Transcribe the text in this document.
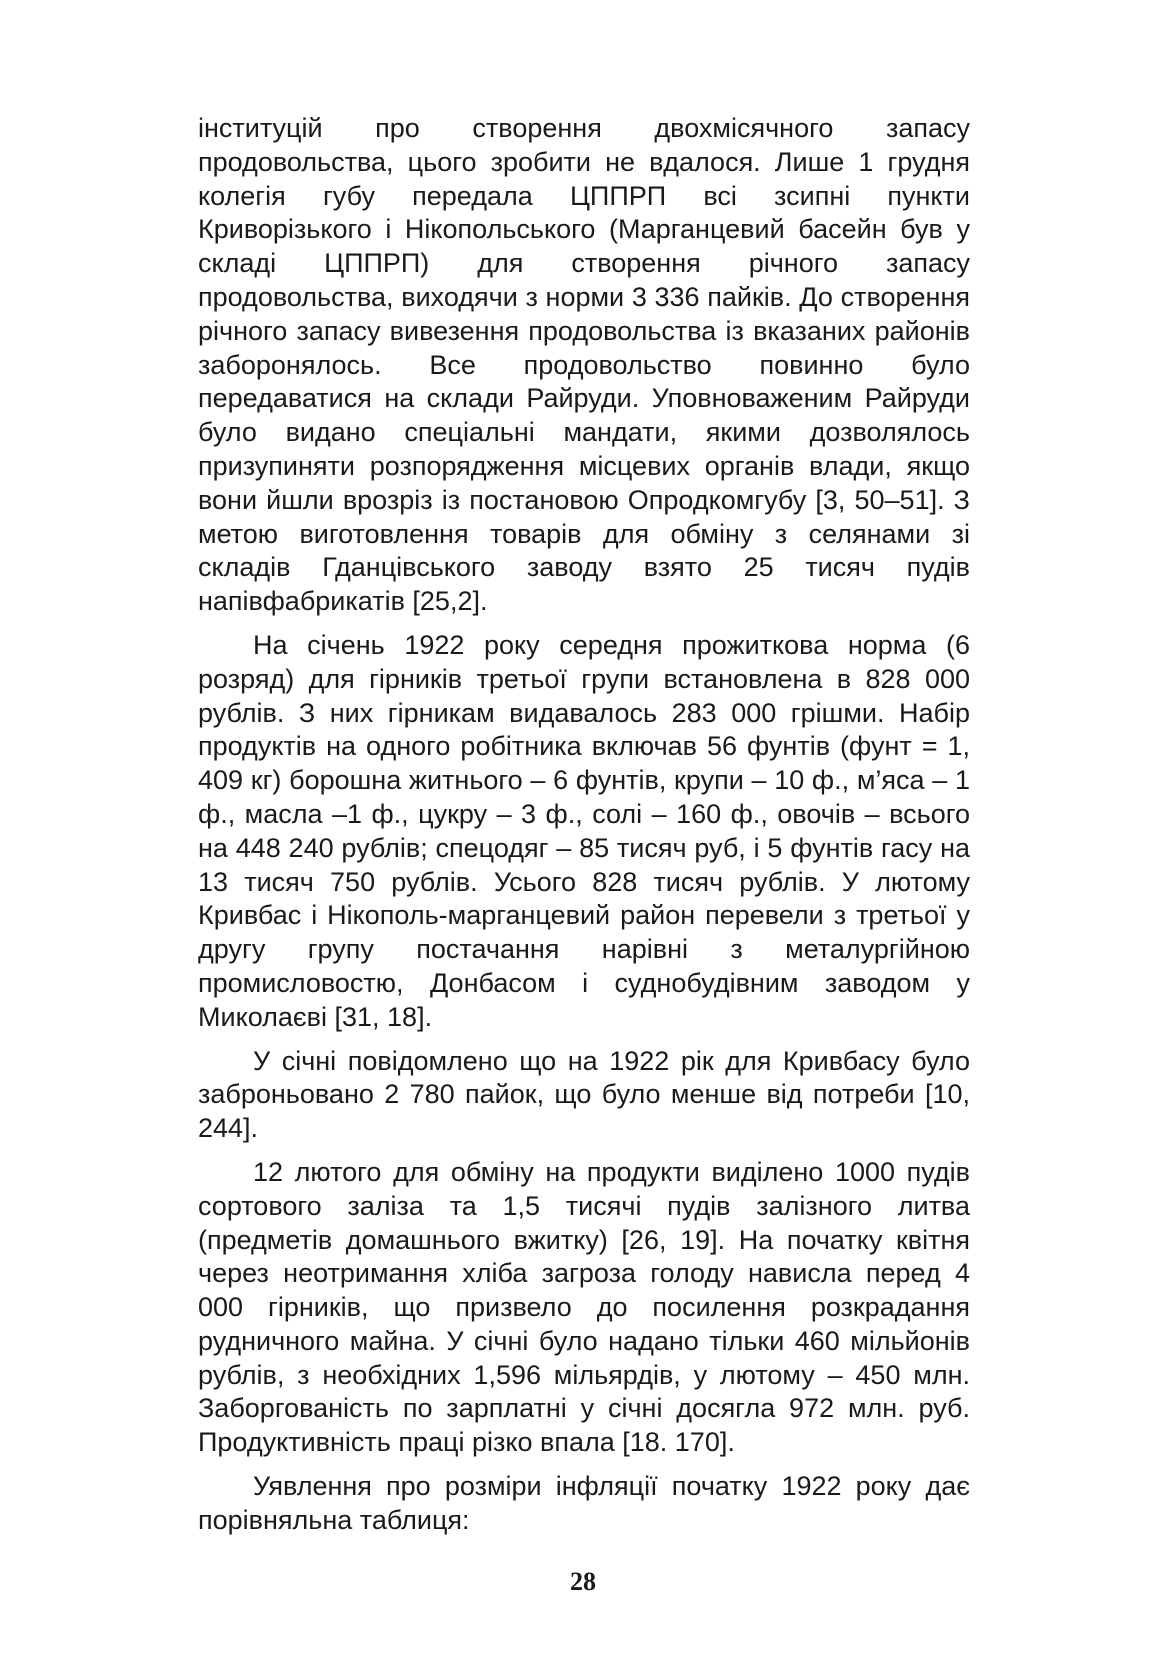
інституцій про створення двохмісячного запасу продовольства, цього зробити не вдалося. Лише 1 грудня колегія губу передала ЦППРП всі зсипні пункти Криворізького і Нікопольського (Марганцевий басейн був у складі ЦППРП) для створення річного запасу продовольства, виходячи з норми 3 336 пайків. До створення річного запасу вивезення продовольства із вказаних районів заборонялось. Все продовольство повинно було передаватися на склади Райруди. Уповноваженим Райруди було видано спеціальні мандати, якими дозволялось призупиняти розпорядження місцевих органів влади, якщо вони йшли врозріз із постановою Опродкомгубу [3, 50–51]. З метою виготовлення товарів для обміну з селянами зі складів Гданцівського заводу взято 25 тисяч пудів напівфабрикатів [25,2].

На січень 1922 року середня прожиткова норма (6 розряд) для гірників третьої групи встановлена в 828 000 рублів. З них гірникам видавалось 283 000 грішми. Набір продуктів на одного робітника включав 56 фунтів (фунт = 1, 409 кг) борошна житнього – 6 фунтів, крупи – 10 ф., м’яса – 1 ф., масла –1 ф., цукру – 3 ф., солі – 160 ф., овочів – всього на 448 240 рублів; спецодяг – 85 тисяч руб, і 5 фунтів гасу на 13 тисяч 750 рублів. Усього 828 тисяч рублів. У лютому Кривбас і Нікополь-марганцевий район перевели з третьої у другу групу постачання нарівні з металургійною промисловостю, Донбасом і суднобудівним заводом у Миколаєві [31, 18].

У січні повідомлено що на 1922 рік для Кривбасу було заброньовано 2 780 пайок, що було менше від потреби [10, 244].

12 лютого для обміну на продукти виділено 1000 пудів сортового заліза та 1,5 тисячі пудів залізного литва (предметів домашнього вжитку) [26, 19]. На початку квітня через неотримання хліба загроза голоду нависла перед 4 000 гірників, що призвело до посилення розкрадання рудничного майна. У січні було надано тільки 460 мільйонів рублів, з необхідних 1,596 мільярдів, у лютому – 450 млн. Заборгованість по зарплатні у січні досягла 972 млн. руб. Продуктивність праці різко впала [18. 170].

Уявлення про розміри інфляції початку 1922 року дає порівняльна таблиця:

28
